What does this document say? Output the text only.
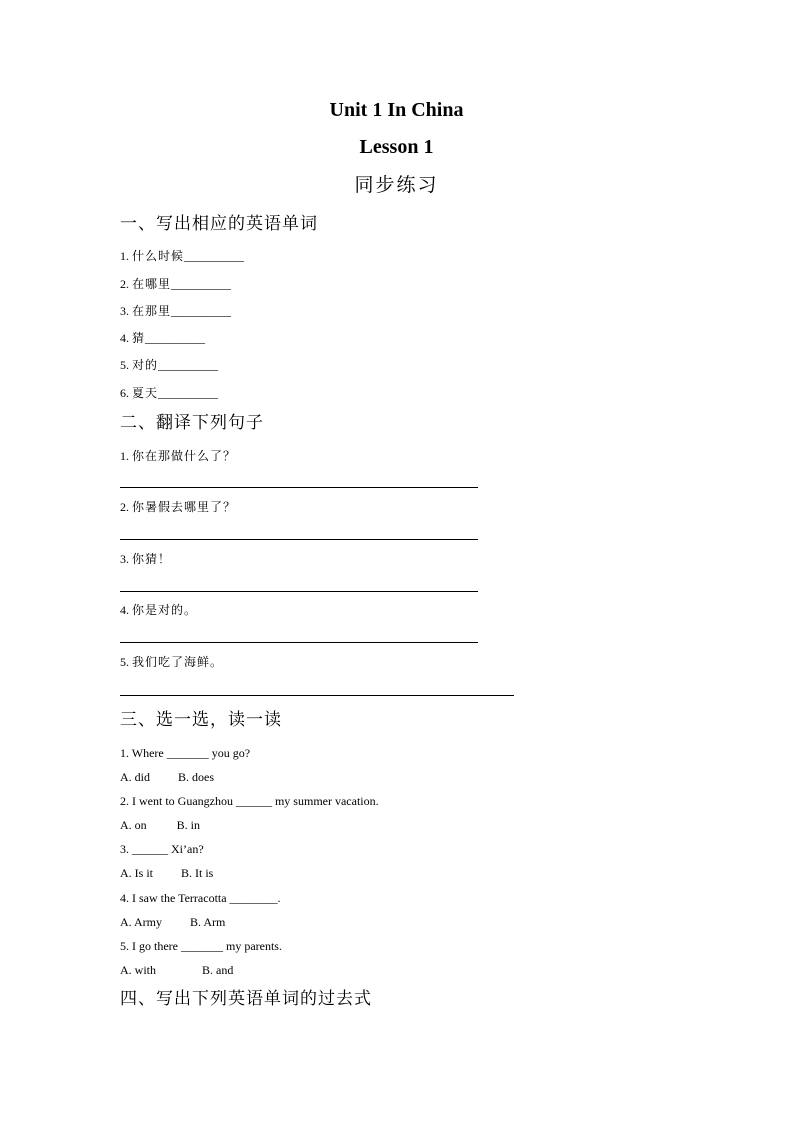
Unit 1 In China
Lesson 1
同步练习
一、写出相应的英语单词
1. 什么时候__________
2. 在哪里__________
3. 在那里__________
4. 猜__________
5. 对的__________
6. 夏天__________
二、翻译下列句子
1. 你在那做什么了？
2. 你暑假去哪里了？
3. 你猜！
4. 你是对的。
5. 我们吃了海鲜。
三、选一选，读一读
1. Where _______ you go?
A. did B. does
2. I went to Guangzhou ______ my summer vacation.
A. on	B. in
3. ______ Xi’an?
A. Is it B. It is
4. I saw the Terracotta ________.
A. Army B. Arm
5. I go there _______ my parents.
A. with	B. and
四、写出下列英语单词的过去式
